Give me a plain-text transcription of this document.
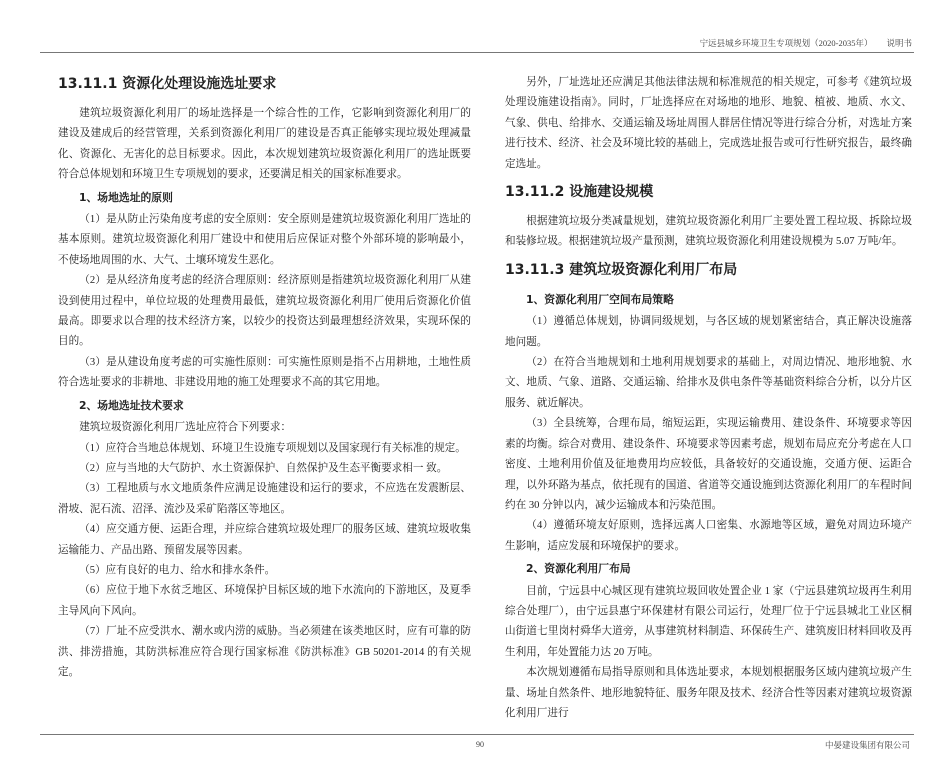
宁远县城乡环境卫生专项规划（2020-2035年） 说明书
13.11.1 资源化处理设施选址要求

建筑垃圾资源化利用厂的场址选择是一个综合性的工作，它影响到资源化利用厂的建设及建成后的经营管理，关系到资源化利用厂的建设是否真正能够实现垃圾处理减量化、资源化、无害化的总目标要求。因此，本次规划建筑垃圾资源化利用厂的选址既要符合总体规划和环境卫生专项规划的要求，还要满足相关的国家标准要求。

1、场地选址的原则

（1）是从防止污染角度考虑的安全原则：安全原则是建筑垃圾资源化利用厂选址的基本原则。建筑垃圾资源化利用厂建设中和使用后应保证对整个外部环境的影响最小，不使场地周围的水、大气、土壤环境发生恶化。

（2）是从经济角度考虑的经济合理原则：经济原则是指建筑垃圾资源化利用厂从建设到使用过程中，单位垃圾的处理费用最低，建筑垃圾资源化利用厂使用后资源化价值最高。即要求以合理的技术经济方案，以较少的投资达到最理想经济效果，实现环保的目的。

（3）是从建设角度考虑的可实施性原则：可实施性原则是指不占用耕地，土地性质符合选址要求的非耕地、非建设用地的施工处理要求不高的其它用地。

2、场地选址技术要求

建筑垃圾资源化利用厂选址应符合下列要求：

（1）应符合当地总体规划、环境卫生设施专项规划以及国家现行有关标准的规定。

（2）应与当地的大气防护、水土资源保护、自然保护及生态平衡要求相一 致。

（3）工程地质与水文地质条件应满足设施建设和运行的要求，不应选在发震断层、滑坡、泥石流、沼泽、流沙及采矿陷落区等地区。

（4）应交通方便、运距合理，并应综合建筑垃圾处理厂的服务区域、建筑垃圾收集运输能力、产品出路、预留发展等因素。

（5）应有良好的电力、给水和排水条件。

（6）应位于地下水贫乏地区、环境保护目标区域的地下水流向的下游地区，及夏季主导风向下风向。

（7）厂址不应受洪水、潮水或内涝的威胁。当必须建在该类地区时，应有可靠的防洪、排涝措施，其防洪标准应符合现行国家标准《防洪标准》GB 50201-2014 的有关规定。

另外，厂址选址还应满足其他法律法规和标准规范的相关规定，可参考《建筑垃圾处理设施建设指南》。同时，厂址选择应在对场地的地形、地貌、植被、地质、水文、气象、供电、给排水、交通运输及场址周围人群居住情况等进行综合分析，对选址方案进行技术、经济、社会及环境比较的基础上，完成选址报告或可行性研究报告，最终确定选址。

13.11.2 设施建设规模

根据建筑垃圾分类减量规划，建筑垃圾资源化利用厂主要处置工程垃圾、拆除垃圾和装修垃圾。根据建筑垃圾产量预测，建筑垃圾资源化利用建设规模为 5.07 万吨/年。

13.11.3 建筑垃圾资源化利用厂布局
1、资源化利用厂空间布局策略

（1）遵循总体规划，协调同级规划，与各区域的规划紧密结合，真正解决设施落地问题。

（2）在符合当地规划和土地利用规划要求的基础上，对周边情况、地形地貌、水文、地质、气象、道路、交通运输、给排水及供电条件等基础资料综合分析，以分片区服务、就近解决。

（3）全县统筹，合理布局，缩短运距，实现运输费用、建设条件、环境要求等因素的均衡。综合对费用、建设条件、环境要求等因素考虑，规划布局应充分考虑在人口密度、土地利用价值及征地费用均应较低，具备较好的交通设施，交通方便、运距合理，以外环路为基点，依托现有的国道、省道等交通设施到达资源化利用厂的车程时间约在 30 分钟以内，减少运输成本和污染范围。

（4）遵循环境友好原则，选择远离人口密集、水源地等区域，避免对周边环境产生影响，适应发展和环境保护的要求。

2、资源化利用厂布局

目前，宁远县中心城区现有建筑垃圾回收处置企业 1 家（宁远县建筑垃圾再生利用综合处理厂），由宁远县惠宁环保建材有限公司运行，处理厂位于宁远县城北工业区桐山街道七里岗村舜华大道旁，从事建筑材料制造、环保砖生产、建筑废旧材料回收及再生利用，年处置能力达 20 万吨。

本次规划遵循布局指导原则和具体选址要求，本规划根据服务区域内建筑垃圾产生量、场址自然条件、地形地貌特征、服务年限及技术、经济合性等因素对建筑垃圾资源化利用厂进行

90	中晏建设集团有限公司
